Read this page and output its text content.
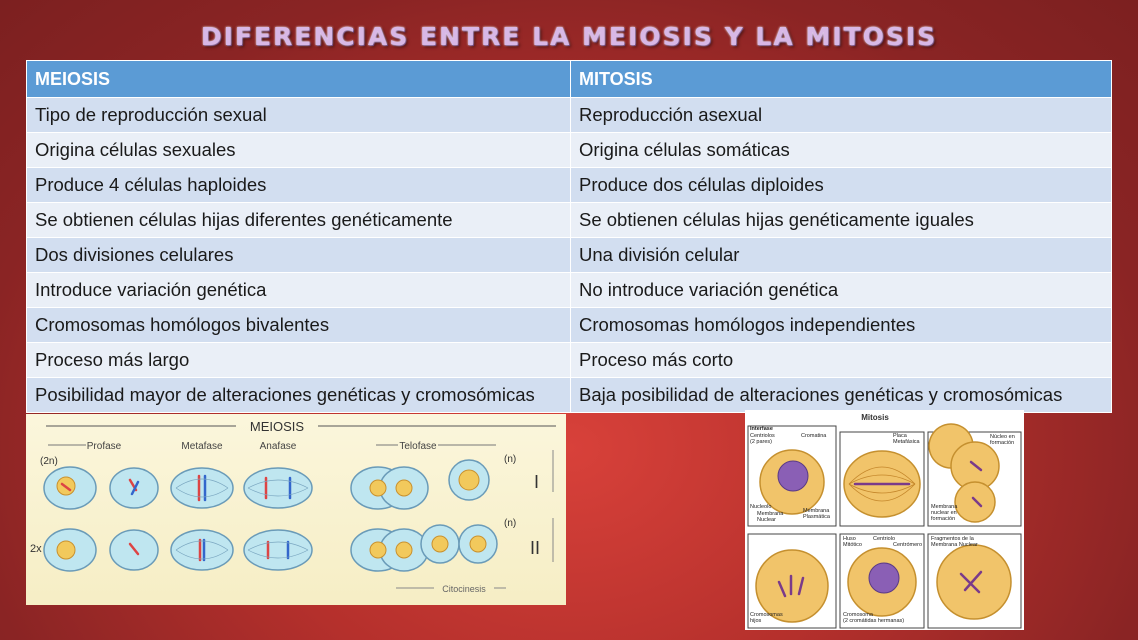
DIFERENCIAS ENTRE LA MEIOSIS Y LA MITOSIS
MEIOSIS	MITOSIS
Tipo de reproducción sexual	Reproducción asexual
Origina células sexuales	Origina células somáticas
Produce 4 células haploides	Produce dos células diploides
Se obtienen células hijas diferentes genéticamente	Se obtienen células hijas genéticamente iguales
Dos divisiones celulares	Una división celular
Introduce variación genética	No introduce variación genética
Cromosomas homólogos bivalentes	Cromosomas homólogos independientes
Proceso más largo	Proceso más corto
Posibilidad mayor de alteraciones genéticas y cromosómicas	Baja posibilidad de alteraciones genéticas y cromosómicas
MEIOSIS
Profase	Metafase	Anafase	Telofase
(2n)
2x
(n)
(n)
I
II
Citocinesis
Mitosis
Interfase
Centriolos
(2 pares)
Cromatina	Placa
Metafásica
Núcleo en
formación
Nucleolo
Membrana
Nuclear
Membrana
Plasmática
Membrana
nuclear en
formación
Huso
Mitótico
Centriolo
Centrómero
Fragmentos de la
Membrana Nuclear
Cromosomas
hijos
Cromosoma
(2 cromátidas hermanas)
